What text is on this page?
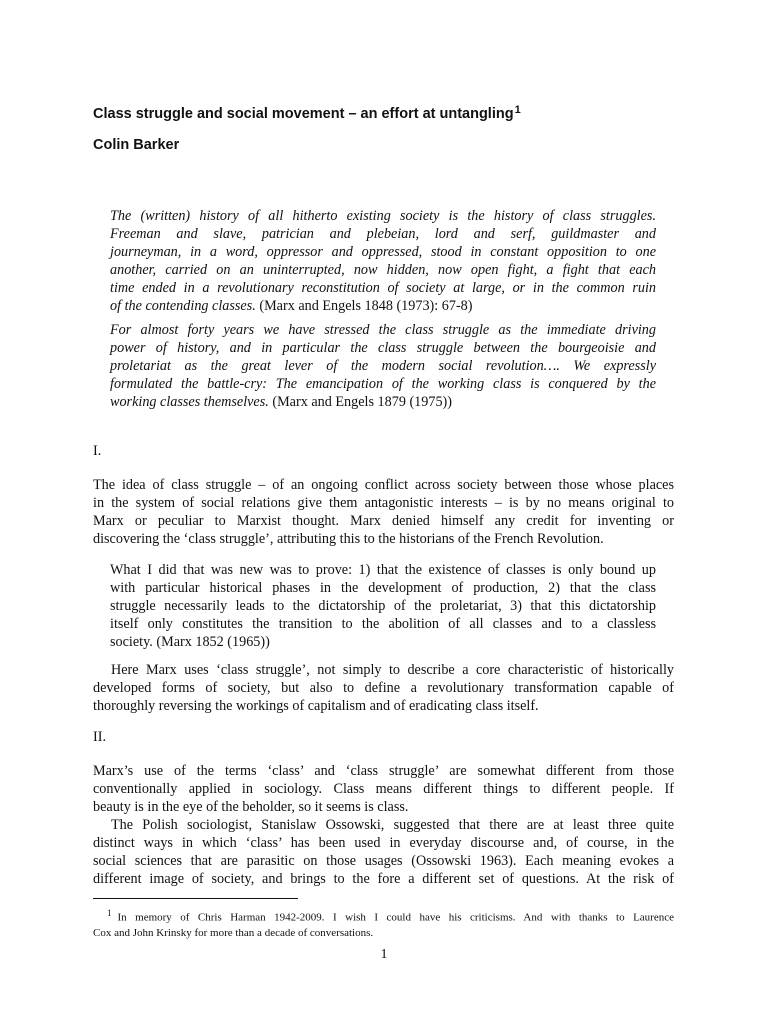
Class struggle and social movement – an effort at untangling$^1$
Colin Barker
The (written) history of all hitherto existing society is the history of class struggles.
Freeman and slave, patrician and plebeian, lord and serf, guildmaster and
journeyman, in a word, oppressor and oppressed, stood in constant opposition to one
another, carried on an uninterrupted, now hidden, now open fight, a fight that each
time ended in a revolutionary reconstitution of society at large, or in the common ruin
of the contending classes. (Marx and Engels 1848 (1973): 67-8)
For almost forty years we have stressed the class struggle as the immediate driving
power of history, and in particular the class struggle between the bourgeoisie and
proletariat as the great lever of the modern social revolution…. We expressly
formulated the battle-cry: The emancipation of the working class is conquered by the
working classes themselves. (Marx and Engels 1879 (1975))
I.
The idea of class struggle – of an ongoing conflict across society between those whose places
in the system of social relations give them antagonistic interests – is by no means original to
Marx or peculiar to Marxist thought. Marx denied himself any credit for inventing or
discovering the ‘class struggle’, attributing this to the historians of the French Revolution.
What I did that was new was to prove: 1) that the existence of classes is only bound up
with particular historical phases in the development of production, 2) that the class
struggle necessarily leads to the dictatorship of the proletariat, 3) that this dictatorship
itself only constitutes the transition to the abolition of all classes and to a classless
society. (Marx 1852 (1965))
Here Marx uses ‘class struggle’, not simply to describe a core characteristic of historically
developed forms of society, but also to define a revolutionary transformation capable of
thoroughly reversing the workings of capitalism and of eradicating class itself.
II.
Marx’s use of the terms ‘class’ and ‘class struggle’ are somewhat different from those
conventionally applied in sociology. Class means different things to different people. If
beauty is in the eye of the beholder, so it seems is class.
The Polish sociologist, Stanislaw Ossowski, suggested that there are at least three quite
distinct ways in which ‘class’ has been used in everyday discourse and, of course, in the
social sciences that are parasitic on those usages (Ossowski 1963). Each meaning evokes a
different image of society, and brings to the fore a different set of questions. At the risk of
$^1$ In memory of Chris Harman 1942-2009. I wish I could have his criticisms. And with thanks to Laurence
Cox and John Krinsky for more than a decade of conversations.
1
